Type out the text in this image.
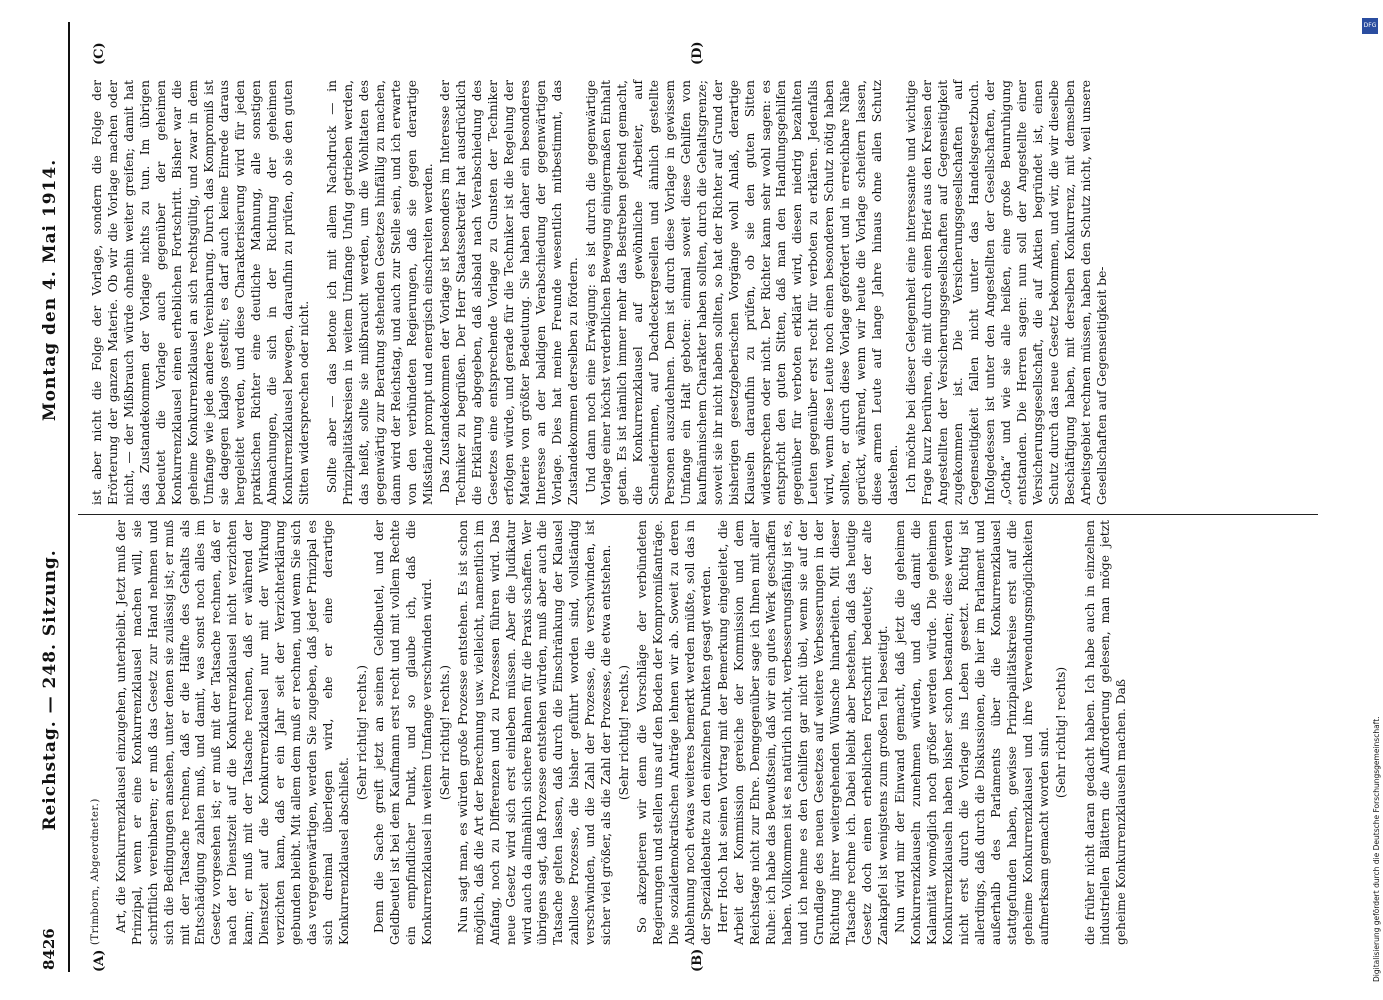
8426
Reichstag. — 248. Sitzung.
Montag den 4. Mai 1914.
(A)	(B)
(C)	(D)

(Trimborn, Abgeordneter.) Art, die Konkurrenzklausel einzugehen, unterbleibt. Jetzt muß der Prinzipal, wenn er eine Konkurrenzklausel machen will, sie schriftlich vereinbaren; er muß das Gesetz zur Hand nehmen und sich die Bedingungen ansehen, unter denen sie zulässig ist; er muß mit der Tatsache rechnen, daß er die Hälfte des Gehalts als Entschädigung zahlen muß, und damit, was sonst noch alles im Gesetz vorgesehen ist; er muß mit der Tatsache rechnen, daß er nach der Dienstzeit auf die Konkurrenzklausel nicht verzichten kann; er muß mit der Tatsache rechnen, daß er während der Dienstzeit auf die Konkurrenzklausel nur mit der Wirkung verzichten kann, daß er ein Jahr seit der Verzichterklärung gebunden bleibt. Mit allem dem muß er rechnen, und wenn Sie sich das vergegenwärtigen, werden Sie zugeben, daß jeder Prinzipal es sich dreimal überlegen wird, ehe er eine derartige Konkurrenzklausel abschließt.

(Sehr richtig! rechts.) Denn die Sache greift jetzt an seinen Geldbeutel, und der Geldbeutel ist bei dem Kaufmann erst recht und mit vollem Rechte ein empfindlicher Punkt, und so glaube ich, daß die Konkurrenzklausel in weitem Umfange verschwinden wird. (Sehr richtig! rechts.) Nun sagt man, es würden große Prozesse entstehen. Es ist schon möglich, daß die Art der Berechnung usw. vielleicht, namentlich im Anfang, noch zu Differenzen und zu Prozessen führen wird. Das neue Gesetz wird sich erst einleben müssen. Aber die Judikatur wird auch da allmählich sichere Bahnen für die Praxis schaffen. Wer übrigens sagt, daß Prozesse entstehen würden, muß aber auch die Tatsache gelten lassen, daß durch die Einschränkung der Klausel zahllose Prozesse, die bisher geführt worden sind, vollständig verschwinden, und die Zahl der Prozesse, die verschwinden, ist sicher viel größer, als die Zahl der Prozesse, die etwa entstehen. (Sehr richtig! rechts.) So akzeptieren wir denn die Vorschläge der verbündeten Regierungen und stellen uns auf den Boden der Kompromißanträge. Die sozialdemokratischen Anträge lehnen wir ab. Soweit zu deren Ablehnung noch etwas weiteres bemerkt werden müßte, soll das in der Spezialdebatte zu den einzelnen Punkten gesagt werden. Herr Hoch hat seinen Vortrag mit der Bemerkung eingeleitet, die Arbeit der Kommission gereiche der Kommission und dem Reichstage nicht zur Ehre. Demgegenüber sage ich Ihnen mit aller Ruhe: ich habe das Bewußtsein, daß wir ein gutes Werk geschaffen haben. Vollkommen ist es natürlich nicht, verbesserungsfähig ist es, und ich nehme es den Gehilfen gar nicht übel, wenn sie auf der Grundlage des neuen Gesetzes auf weitere Verbesserungen in der Richtung ihrer weitergehenden Wünsche hinarbeiten. Mit dieser Tatsache rechne ich. Dabei bleibt aber bestehen, daß das heutige Gesetz doch einen erheblichen Fortschritt bedeutet; der alte Zankapfel ist wenigstens zum großen Teil beseitigt. Nun wird mir der Einwand gemacht, daß jetzt die geheimen Konkurrenzklauseln zunehmen würden, und daß damit die Kalamität womöglich noch größer werden würde. Die geheimen Konkurrenzklauseln haben bisher schon bestanden; diese werden nicht erst durch die Vorlage ins Leben gesetzt. Richtig ist allerdings, daß durch die Diskussionen, die hier im Parlament und außerhalb des Parlaments über die Konkurrenzklausel stattgefunden haben, gewisse Prinzipalitätskreise erst auf die geheime Konkurrenzklausel und ihre Verwendungsmöglichkeiten aufmerksam gemacht worden sind. (Sehr richtig! rechts) die früher nicht daran gedacht haben. Ich habe auch in einzelnen industriellen Blättern die Aufforderung gelesen, man möge jetzt geheime Konkurrenzklauseln machen. Daß

ist aber nicht die Folge der Vorlage, sondern die Folge der Erörterung der ganzen Materie. Ob wir die Vorlage machen oder nicht, — der Mißbrauch würde ohnehin weiter greifen; damit hat das Zustandekommen der Vorlage nichts zu tun. Im übrigen bedeutet die Vorlage auch gegenüber der geheimen Konkurrenzklausel einen erheblichen Fortschritt. Bisher war die geheime Konkurrenzklausel an sich rechtsgültig, und zwar in dem Umfange wie jede andere Vereinbarung. Durch das Kompromiß ist sie dagegen klaglos gestellt; es darf auch keine Einrede daraus hergeleitet werden, und diese Charakterisierung wird für jeden praktischen Richter eine deutliche Mahnung, alle sonstigen Abmachungen, die sich in der Richtung der geheimen Konkurrenzklausel bewegen, daraufhin zu prüfen, ob sie den guten Sitten widersprechen oder nicht. Sollte aber — das betone ich mit allem Nachdruck — in Prinzipalitätskreisen in weitem Umfange Unfug getrieben werden, das heißt, sollte sie mißbraucht werden, um die Wohltaten des gegenwärtig zur Beratung stehenden Gesetzes hinfällig zu machen, dann wird der Reichstag, und auch zur Stelle sein, und ich erwarte von den verbündeten Regierungen, daß sie gegen derartige Mißstände prompt und energisch einschreiten werden. Das Zustandekommen der Vorlage ist besonders im Interesse der Techniker zu begrüßen. Der Herr Staatssekretär hat ausdrücklich die Erklärung abgegeben, daß alsbald nach Verabschiedung des Gesetzes eine entsprechende Vorlage zu Gunsten der Techniker erfolgen würde, und gerade für die Techniker ist die Regelung der Materie von größter Bedeutung. Sie haben daher ein besonderes Interesse an der baldigen Verabschiedung der gegenwärtigen Vorlage. Dies hat meine Freunde wesentlich mitbestimmt, das Zustandekommen derselben zu fördern. Und dann noch eine Erwägung: es ist durch die gegenwärtige Vorlage einer höchst verderblichen Bewegung einigermaßen Einhalt getan. Es ist nämlich immer mehr das Bestreben geltend gemacht, die Konkurrenzklausel auf gewöhnliche Arbeiter, auf Schneiderinnen, auf Dachdeckergesellen und ähnlich gestellte Personen auszudehnen. Dem ist durch diese Vorlage in gewissem Umfange ein Halt geboten: einmal soweit diese Gehilfen von kaufmännischem Charakter haben sollten, durch die Gehaltsgrenze; soweit sie ihr nicht haben sollten, so hat der Richter auf Grund der bisherigen gesetzgeberischen Vorgänge wohl Anlaß, derartige Klauseln daraufhin zu prüfen, ob sie den guten Sitten widersprechen oder nicht. Der Richter kann sehr wohl sagen: es entspricht den guten Sitten, daß man den Handlungsgehilfen gegenüber für verboten erklärt wird, diesen niedrig bezahlten Leuten gegenüber erst recht für verboten zu erklären. Jedenfalls wird, wenn diese Leute noch einen besonderen Schutz nötig haben sollten, er durch diese Vorlage gefördert und in erreichbare Nähe gerückt, während, wenn wir heute die Vorlage scheitern lassen, diese armen Leute auf lange Jahre hinaus ohne allen Schutz dastehen. Ich möchte bei dieser Gelegenheit eine interessante und wichtige Frage kurz berühren, die mit durch einen Brief aus den Kreisen der Angestellten der Versicherungsgesellschaften auf Gegenseitigkeit zugekommen ist. Die Versicherungsgesellschaften auf Gegenseitigkeit fallen nicht unter das Handelsgesetzbuch. Infolgedessen ist unter den Angestellten der Gesellschaften, der „Gotha“ und wie sie alle heißen, eine große Beunruhigung entstanden. Die Herren sagen: nun soll der Angestellte einer Versicherungsgesellschaft, die auf Aktien begründet ist, einen Schutz durch das neue Gesetz bekommen, und wir, die wir dieselbe Beschäftigung haben, mit derselben Konkurrenz, mit demselben Arbeitsgebiet rechnen müssen, haben den Schutz nicht, weil unsere Gesellschaften auf Gegenseitigkeit be-

DFG
Digitalisierung gefördert durch die Deutsche Forschungsgemeinschaft.
